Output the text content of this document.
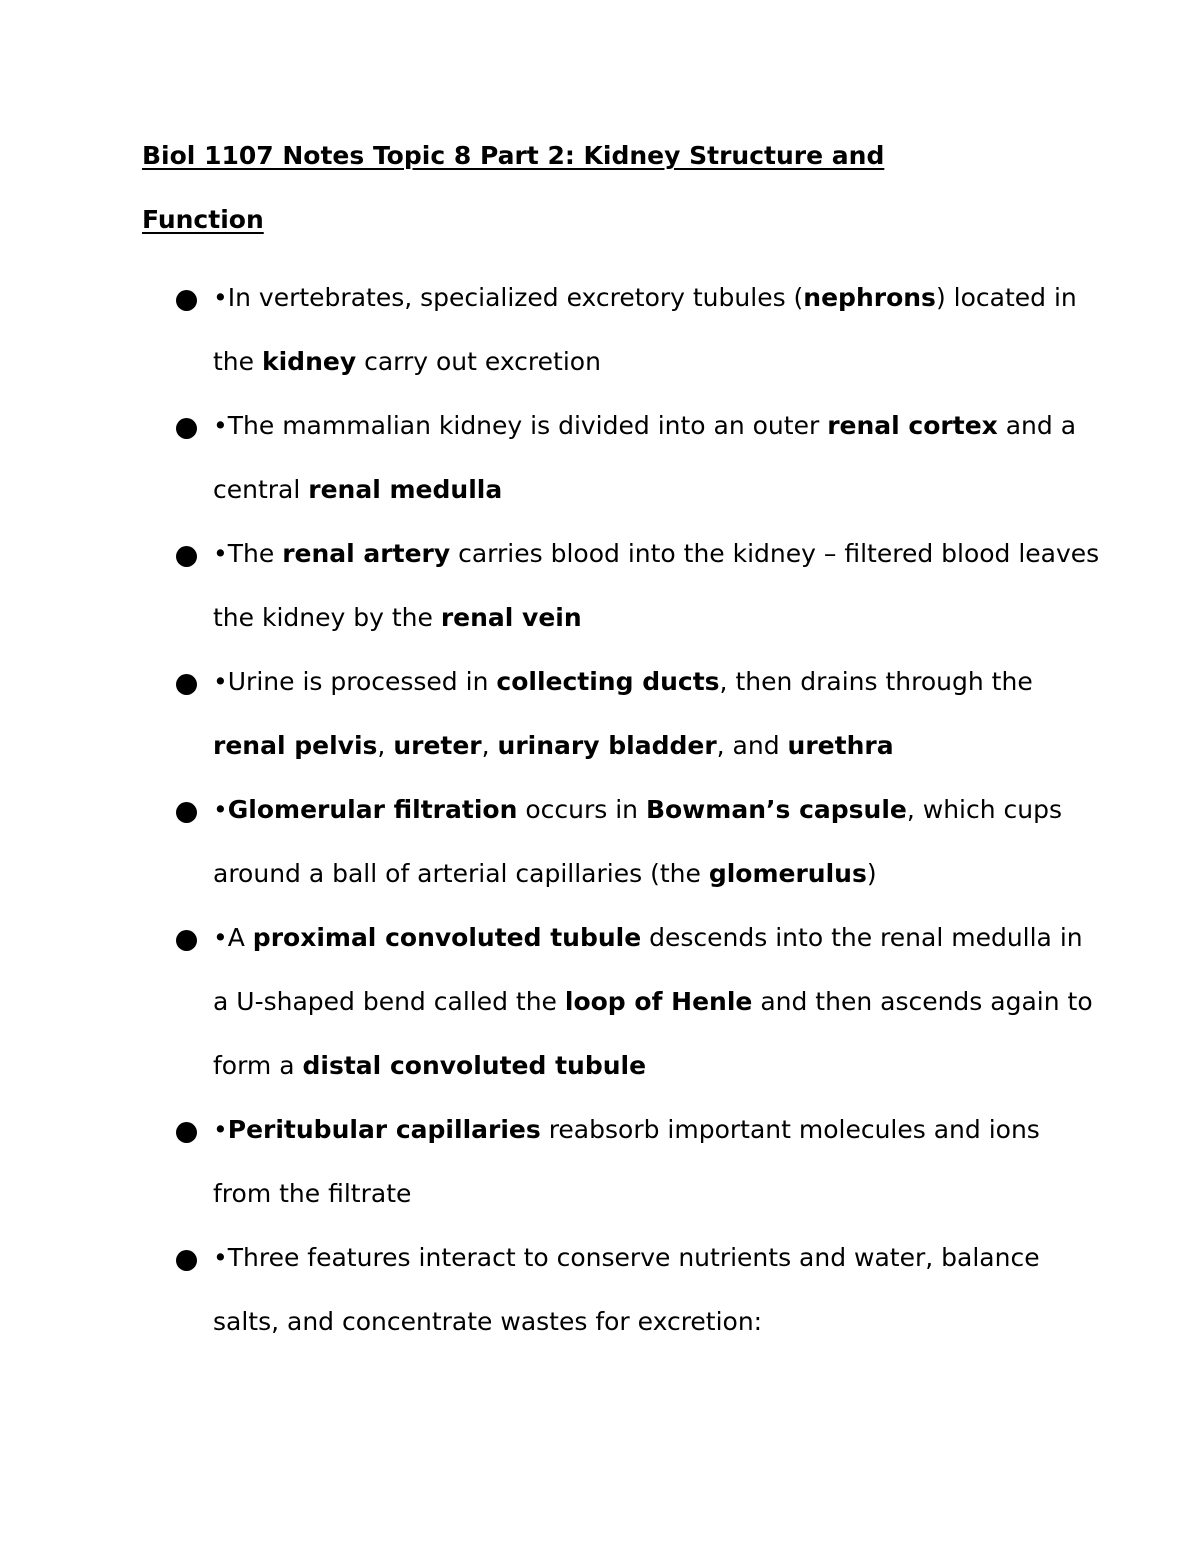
Biol 1107 Notes Topic 8 Part 2: Kidney Structure and
Function
•In vertebrates, specialized excretory tubules (nephrons) located in the kidney carry out excretion
•The mammalian kidney is divided into an outer renal cortex and a central renal medulla
•The renal artery carries blood into the kidney – filtered blood leaves the kidney by the renal vein
•Urine is processed in collecting ducts, then drains through the renal pelvis, ureter, urinary bladder, and urethra
•Glomerular filtration occurs in Bowman’s capsule, which cups around a ball of arterial capillaries (the glomerulus)
•A proximal convoluted tubule descends into the renal medulla in a U-shaped bend called the loop of Henle and then ascends again to form a distal convoluted tubule
•Peritubular capillaries reabsorb important molecules and ions from the filtrate
•Three features interact to conserve nutrients and water, balance salts, and concentrate wastes for excretion:
